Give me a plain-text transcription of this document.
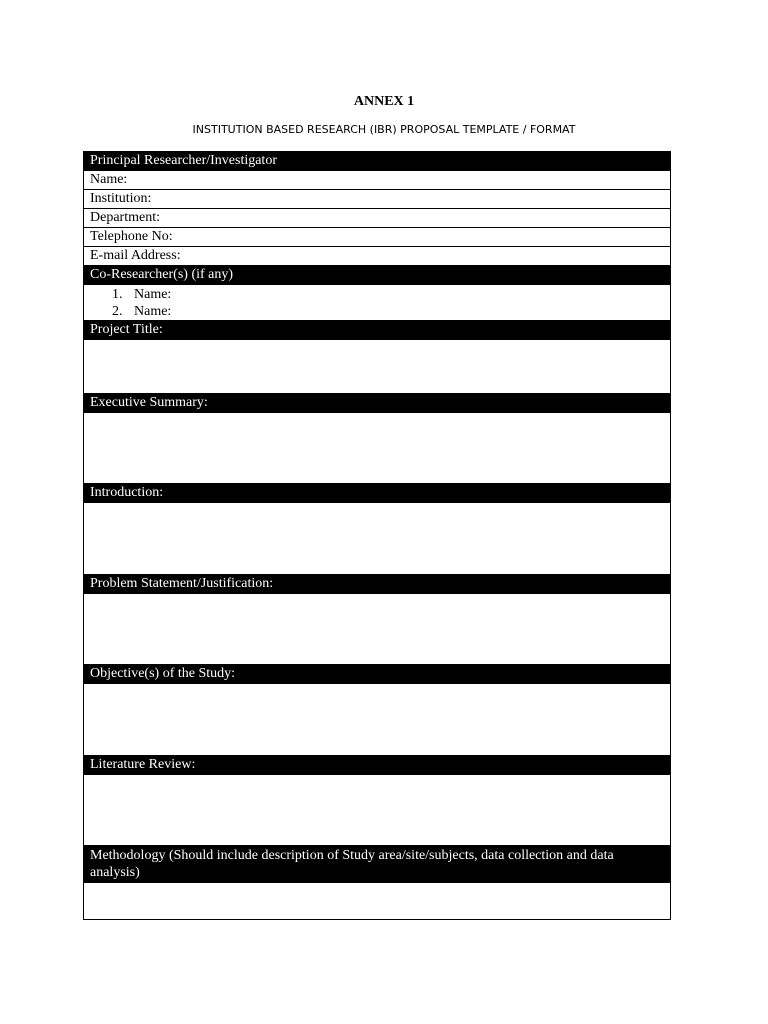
ANNEX 1
INSTITUTION BASED RESEARCH (IBR) PROPOSAL TEMPLATE / FORMAT
Principal Researcher/Investigator
Name:
Institution:
Department:
Telephone No:
E-mail Address:
Co-Researcher(s) (if any)
1. Name:
2. Name:
Project Title:
Executive Summary:
Introduction:
Problem Statement/Justification:
Objective(s) of the Study:
Literature Review:
Methodology (Should include description of Study area/site/subjects, data collection and data analysis)
